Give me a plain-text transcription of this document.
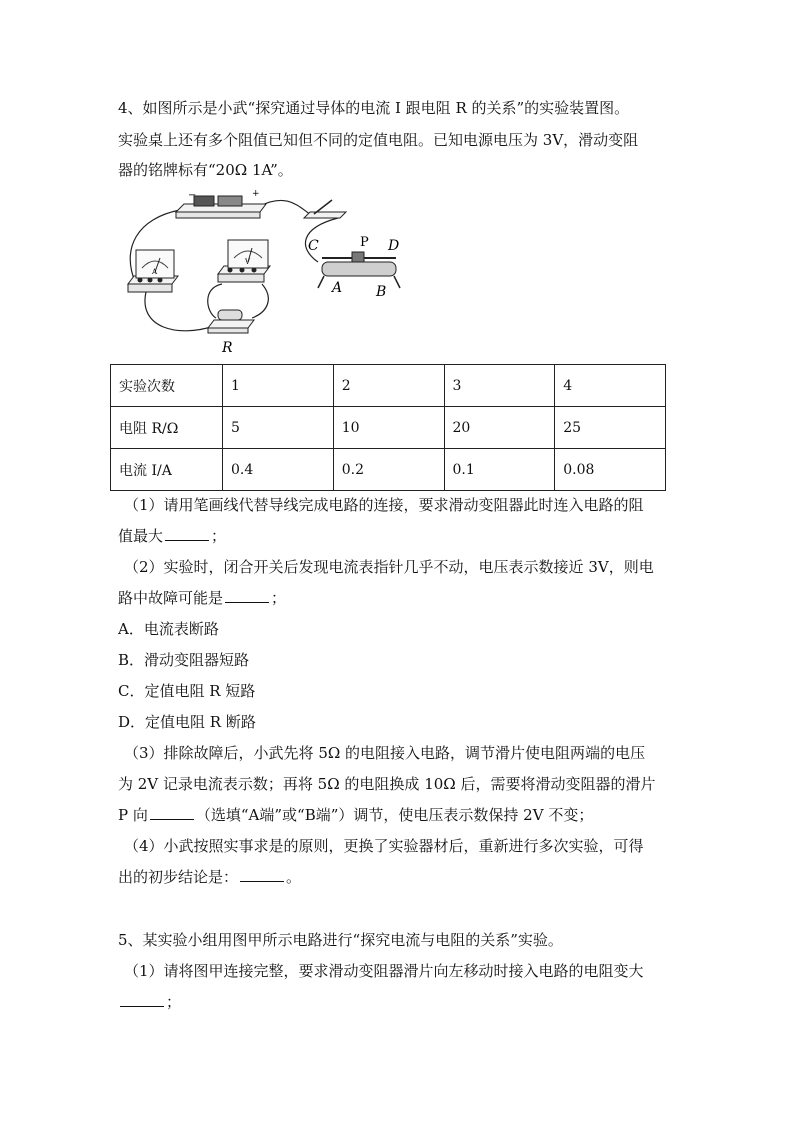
4、如图所示是小武“探究通过导体的电流 I 跟电阻 R 的关系”的实验装置图。
实验桌上还有多个阻值已知但不同的定值电阻。已知电源电压为 3V，滑动变阻
器的铭牌标有“20Ω 1A”。
−	+
A
V
R
C	P D
A B
实验次数	1	2	3	4
电阻 R/Ω	5	10	20	25
电流 I/A	0.4	0.2	0.1	0.08
（1）请用笔画线代替导线完成电路的连接，要求滑动变阻器此时连入电路的阻
值最大	；
（2）实验时，闭合开关后发现电流表指针几乎不动，电压表示数接近 3V，则电
路中故障可能是	；
A．电流表断路
B．滑动变阻器短路
C．定值电阻 R 短路
D．定值电阻 R 断路
（3）排除故障后，小武先将 5Ω 的电阻接入电路，调节滑片使电阻两端的电压
为 2V 记录电流表示数；再将 5Ω 的电阻换成 10Ω 后，需要将滑动变阻器的滑片
P 向	（选填“A端”或“B端”）调节，使电压表示数保持 2V 不变；
（4）小武按照实事求是的原则，更换了实验器材后，重新进行多次实验，可得
出的初步结论是：	。
5、某实验小组用图甲所示电路进行“探究电流与电阻的关系”实验。
（1）请将图甲连接完整，要求滑动变阻器滑片向左移动时接入电路的电阻变大
；
